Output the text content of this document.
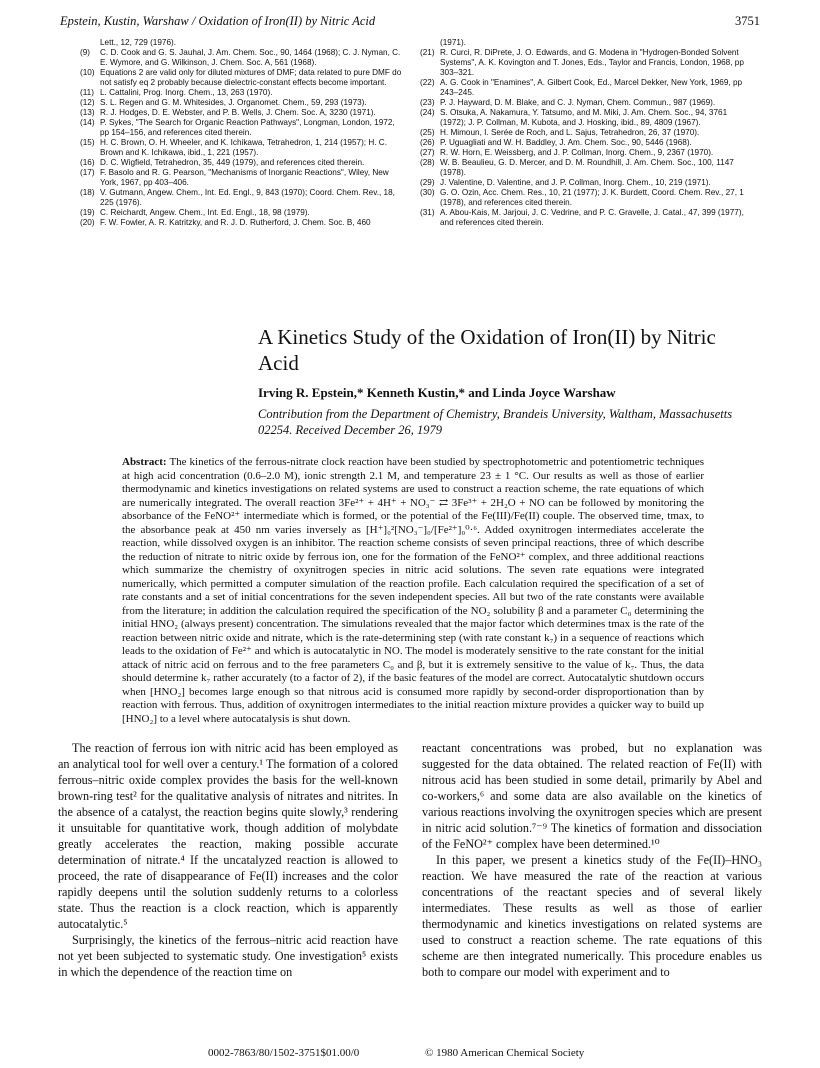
Epstein, Kustin, Warshaw / Oxidation of Iron(II) by Nitric Acid	3751

Lett., 12, 729 (1976).

(9)	C. D. Cook and G. S. Jauhal, J. Am. Chem. Soc., 90, 1464 (1968); C. J. Nyman, C. E. Wymore, and G. Wilkinson, J. Chem. Soc. A, 561 (1968).

(10) Equations 2 are valid only for diluted mixtures of DMF; data related to pure DMF do not satisfy eq 2 probably because dielectric-constant effects become important.

(11) L. Cattalini, Prog. Inorg. Chem., 13, 263 (1970).

(12) S. L. Regen and G. M. Whitesides, J. Organomet. Chem., 59, 293 (1973).

(13) R. J. Hodges, D. E. Webster, and P. B. Wells, J. Chem. Soc. A, 3230 (1971).

(14) P. Sykes, "The Search for Organic Reaction Pathways", Longman, London, 1972, pp 154–156, and references cited therein.

(15) H. C. Brown, O. H. Wheeler, and K. Ichikawa, Tetrahedron, 1, 214 (1957); H. C. Brown and K. Ichikawa, ibid., 1, 221 (1957).

(16) D. C. Wigfield, Tetrahedron, 35, 449 (1979), and references cited therein.

(17) F. Basolo and R. G. Pearson, "Mechanisms of Inorganic Reactions", Wiley, New York, 1967, pp 403–406.

(18) V. Gutmann, Angew. Chem., Int. Ed. Engl., 9, 843 (1970); Coord. Chem. Rev., 18, 225 (1976).

(19) C. Reichardt, Angew. Chem., Int. Ed. Engl., 18, 98 (1979).

(20) F. W. Fowler, A. R. Katritzky, and R. J. D. Rutherford, J. Chem. Soc. B, 460

(1971).

(21) R. Curci, R. DiPrete, J. O. Edwards, and G. Modena in "Hydrogen-Bonded Solvent Systems", A. K. Kovington and T. Jones, Eds., Taylor and Francis, London, 1968, pp 303–321.

(22) A. G. Cook in "Enamines", A. Gilbert Cook, Ed., Marcel Dekker, New York, 1969, pp 243–245.

(23) P. J. Hayward, D. M. Blake, and C. J. Nyman, Chem. Commun., 987 (1969).

(24) S. Otsuka, A. Nakamura, Y. Tatsumo, and M. Miki, J. Am. Chem. Soc., 94, 3761 (1972); J. P. Collman, M. Kubota, and J. Hosking, ibid., 89, 4809 (1967).

(25) H. Mimoun, I. Serée de Roch, and L. Sajus, Tetrahedron, 26, 37 (1970).

(26) P. Uguagliati and W. H. Baddley, J. Am. Chem. Soc., 90, 5446 (1968).

(27) R. W. Horn, E. Weissberg, and J. P. Collman, Inorg. Chem., 9, 2367 (1970).

(28) W. B. Beaulieu, G. D. Mercer, and D. M. Roundhill, J. Am. Chem. Soc., 100, 1147 (1978).

(29) J. Valentine, D. Valentine, and J. P. Collman, Inorg. Chem., 10, 219 (1971).

(30) G. O. Ozin, Acc. Chem. Res., 10, 21 (1977); J. K. Burdett, Coord. Chem. Rev., 27, 1 (1978), and references cited therein.

(31) A. Abou-Kais, M. Jarjoui, J. C. Vedrine, and P. C. Gravelle, J. Catal., 47, 399 (1977), and references cited therein.

A Kinetics Study of the Oxidation of Iron(II) by Nitric Acid
Irving R. Epstein,* Kenneth Kustin,* and Linda Joyce Warshaw
Contribution from the Department of Chemistry, Brandeis University, Waltham, Massachusetts 02254. Received December 26, 1979
Abstract: The kinetics of the ferrous-nitrate clock reaction have been studied by spectrophotometric and potentiometric techniques at high acid concentration (0.6–2.0 M), ionic strength 2.1 M, and temperature 23 ± 1 °C. Our results as well as those of earlier thermodynamic and kinetics investigations on related systems are used to construct a reaction scheme, the rate equations of which are numerically integrated. The overall reaction 3Fe²⁺ + 4H⁺ + NO₃⁻ ⇄ 3Fe³⁺ + 2H₂O + NO can be followed by monitoring the absorbance of the FeNO²⁺ intermediate which is formed, or the potential of the Fe(III)/Fe(II) couple. The observed time, tmax, to the absorbance peak at 450 nm varies inversely as [H⁺]₀²[NO₃⁻]₀/[Fe²⁺]₀⁰·⁶. Added oxynitrogen intermediates accelerate the reaction, while dissolved oxygen is an inhibitor. The reaction scheme consists of seven principal reactions, three of which describe the reduction of nitrate to nitric oxide by ferrous ion, one for the formation of the FeNO²⁺ complex, and three additional reactions which summarize the chemistry of oxynitrogen species in nitric acid solutions. The seven rate equations were integrated numerically, which permitted a computer simulation of the reaction profile. Each calculation required the specification of a set of rate constants and a set of initial concentrations for the seven independent species. All but two of the rate constants were available from the literature; in addition the calculation required the specification of the NO₂ solubility β and a parameter C₀ determining the initial HNO₂ (always present) concentration. The simulations revealed that the major factor which determines tmax is the rate of the reaction between nitric oxide and nitrate, which is the rate-determining step (with rate constant k₇) in a sequence of reactions which leads to the oxidation of Fe²⁺ and which is autocatalytic in NO. The model is moderately sensitive to the rate constant for the initial attack of nitric acid on ferrous and to the free parameters C₀ and β, but it is extremely sensitive to the value of k₇. Thus, the data should determine k₇ rather accurately (to a factor of 2), if the basic features of the model are correct. Autocatalytic shutdown occurs when [HNO₂] becomes large enough so that nitrous acid is consumed more rapidly by second-order disproportionation than by reaction with ferrous. Thus, addition of oxynitrogen intermediates to the initial reaction mixture provides a quicker way to build up [HNO₂] to a level where autocatalysis is shut down.

The reaction of ferrous ion with nitric acid has been employed as an analytical tool for well over a century.¹ The formation of a colored ferrous–nitric oxide complex provides the basis for the well-known brown-ring test² for the qualitative analysis of nitrates and nitrites. In the absence of a catalyst, the reaction begins quite slowly,³ rendering it unsuitable for quantitative work, though addition of molybdate greatly accelerates the reaction, making possible accurate determination of nitrate.⁴ If the uncatalyzed reaction is allowed to proceed, the rate of disappearance of Fe(II) increases and the color rapidly deepens until the solution suddenly returns to a colorless state. Thus the reaction is a clock reaction, which is apparently autocatalytic.⁵

Surprisingly, the kinetics of the ferrous–nitric acid reaction have not yet been subjected to systematic study. One investigation⁵ exists in which the dependence of the reaction time on

reactant concentrations was probed, but no explanation was suggested for the data obtained. The related reaction of Fe(II) with nitrous acid has been studied in some detail, primarily by Abel and co-workers,⁶ and some data are also available on the kinetics of various reactions involving the oxynitrogen species which are present in nitric acid solution.⁷⁻⁹ The kinetics of formation and dissociation of the FeNO²⁺ complex have been determined.¹⁰

In this paper, we present a kinetics study of the Fe(II)–HNO₃ reaction. We have measured the rate of the reaction at various concentrations of the reactant species and of several likely intermediates. These results as well as those of earlier thermodynamic and kinetics investigations on related systems are used to construct a reaction scheme. The rate equations of this scheme are then integrated numerically. This procedure enables us both to compare our model with experiment and to

0002-7863/80/1502-3751$01.00/0	© 1980 American Chemical Society
